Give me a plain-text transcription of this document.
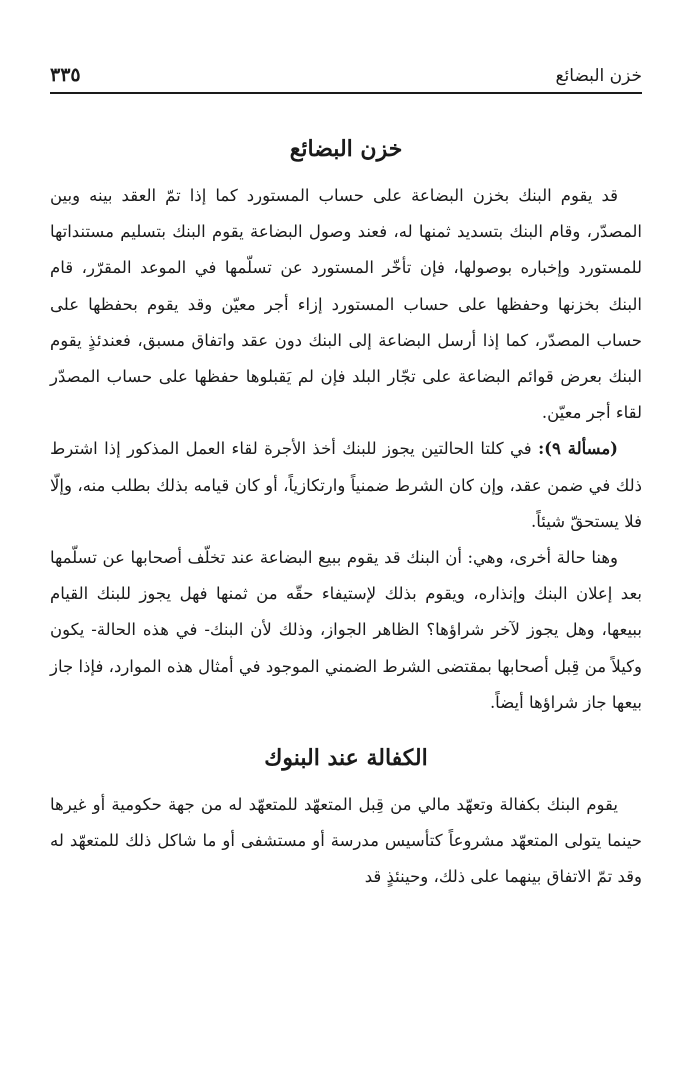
خزن البضائع
٣٣٥
خزن البضائع

قد يقوم البنك بخزن البضاعة على حساب المستورد كما إذا تمّ العقد بينه وبين المصدّر، وقام البنك بتسديد ثمنها له، فعند وصول البضاعة يقوم البنك بتسليم مستنداتها للمستورد وإخباره بوصولها، فإن تأخّر المستورد عن تسلّمها في الموعد المقرّر، قام البنك بخزنها وحفظها على حساب المستورد إزاء أجر معيّن وقد يقوم بحفظها على حساب المصدّر، كما إذا أرسل البضاعة إلى البنك دون عقد واتفاق مسبق، فعندئذٍ يقوم البنك بعرض قوائم البضاعة على تجّار البلد فإن لم يَقبلوها حفظها على حساب المصدّر لقاء أجر معيّن.

(مسألة ٩): في كلتا الحالتين يجوز للبنك أخذ الأجرة لقاء العمل المذكور إذا اشترط ذلك في ضمن عقد، وإن كان الشرط ضمنياً وارتكازياً، أو كان قيامه بذلك بطلب منه، وإلّا فلا يستحقّ شيئاً.

وهنا حالة أخرى، وهي: أن البنك قد يقوم ببيع البضاعة عند تخلّف أصحابها عن تسلّمها بعد إعلان البنك وإنذاره، ويقوم بذلك لإستيفاء حقّه من ثمنها فهل يجوز للبنك القيام ببيعها، وهل يجوز لآخر شراؤها؟ الظاهر الجواز، وذلك لأن البنك- في هذه الحالة- يكون وكيلاً من قِبل أصحابها بمقتضى الشرط الضمني الموجود في أمثال هذه الموارد، فإذا جاز بيعها جاز شراؤها أيضاً.

الكفالة عند البنوك

يقوم البنك بكفالة وتعهّد مالي من قِبل المتعهّد للمتعهّد له من جهة حكومية أو غيرها حينما يتولى المتعهّد مشروعاً كتأسيس مدرسة أو مستشفى أو ما شاكل ذلك للمتعهّد له وقد تمّ الاتفاق بينهما على ذلك، وحينئذٍ قد
